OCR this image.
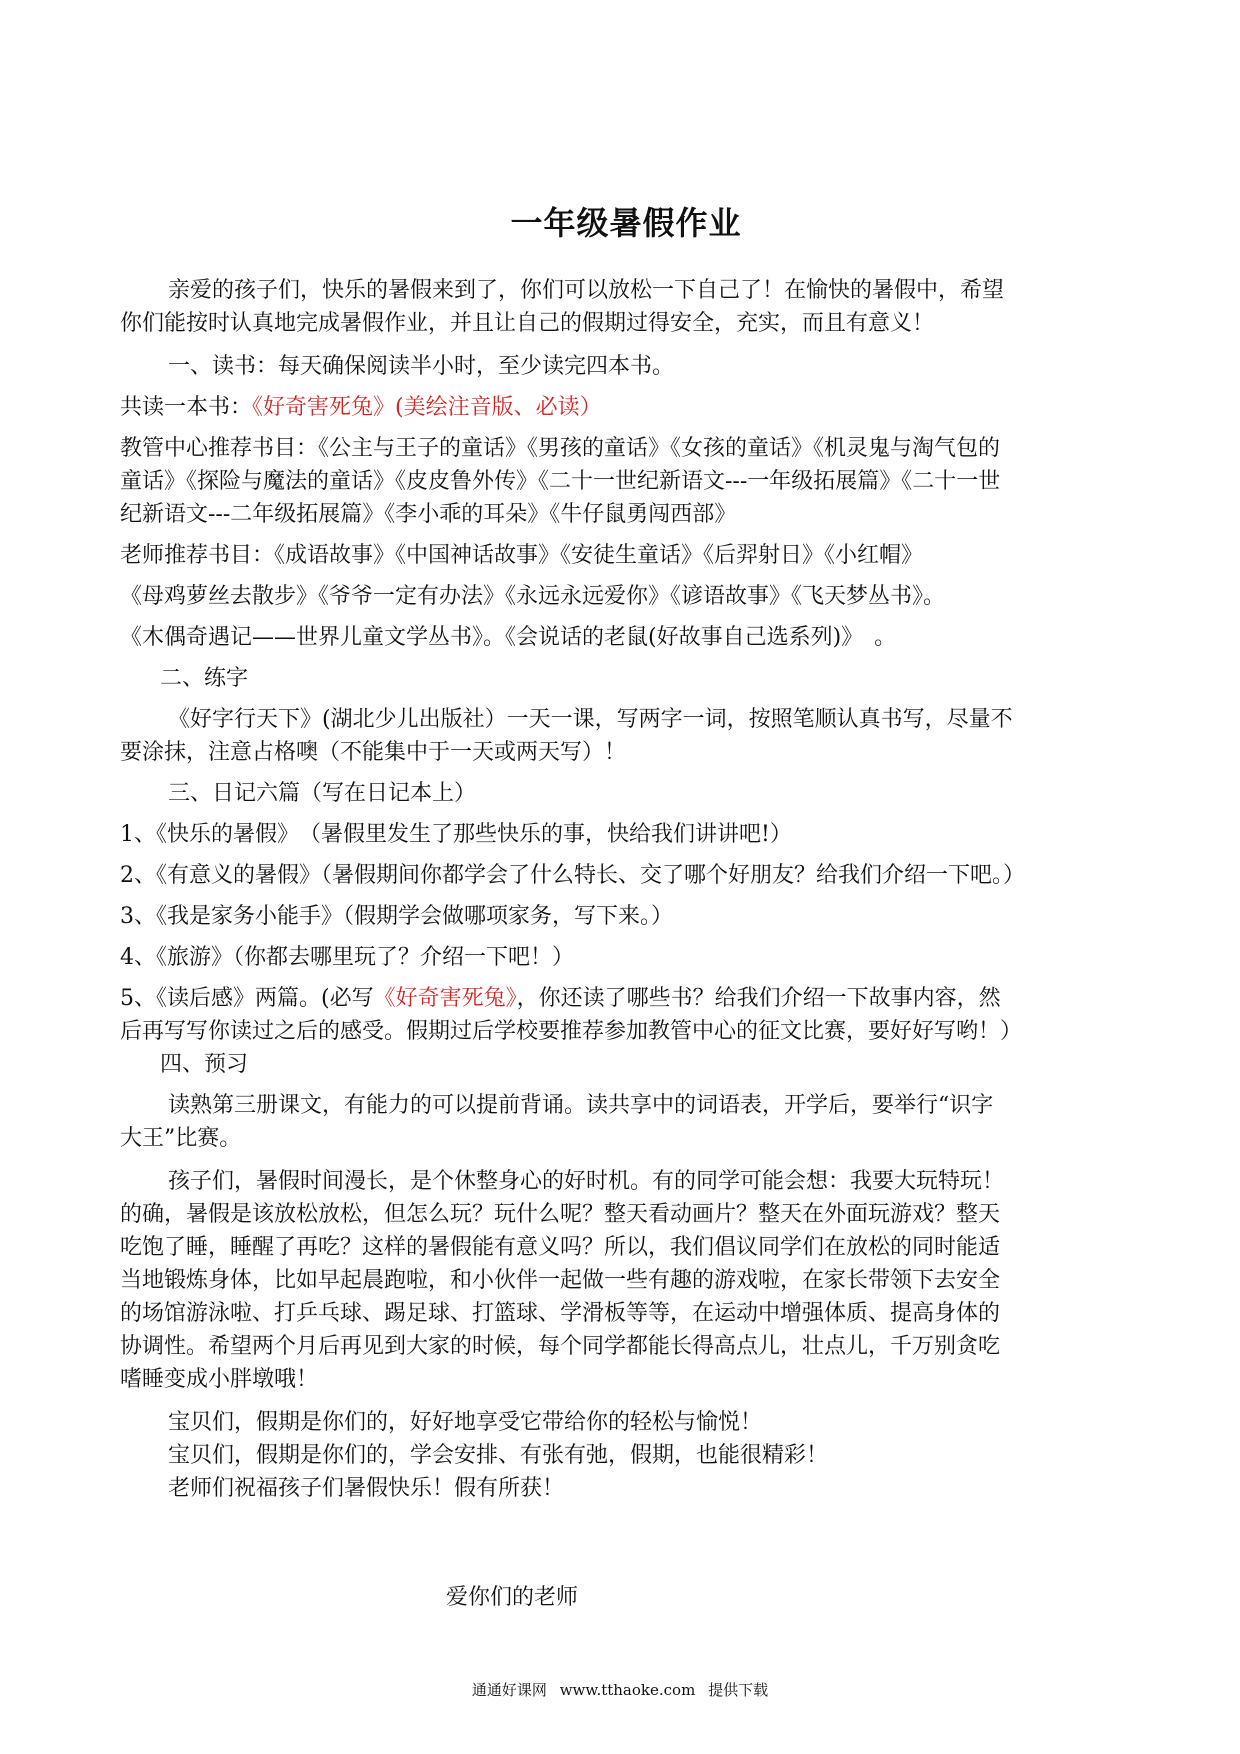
一年级暑假作业

亲爱的孩子们，快乐的暑假来到了，你们可以放松一下自己了！在愉快的暑假中，希望

你们能按时认真地完成暑假作业，并且让自己的假期过得安全，充实，而且有意义！

一、读书：每天确保阅读半小时，至少读完四本书。

共读一本书：《好奇害死兔》(美绘注音版、必读）

教管中心推荐书目：《公主与王子的童话》《男孩的童话》《女孩的童话》《机灵鬼与淘气包的

童话》《探险与魔法的童话》《皮皮鲁外传》《二十一世纪新语文---一年级拓展篇》《二十一世

纪新语文---二年级拓展篇》《李小乖的耳朵》《牛仔鼠勇闯西部》

老师推荐书目：《成语故事》《中国神话故事》《安徒生童话》《后羿射日》《小红帽》

《母鸡萝丝去散步》《爷爷一定有办法》《永远永远爱你》《谚语故事》《飞天梦丛书》。

《木偶奇遇记——世界儿童文学丛书》。《会说话的老鼠(好故事自己选系列)》　。

二、练字

《好字行天下》(湖北少儿出版社）一天一课，写两字一词，按照笔顺认真书写，尽量不

要涂抹，注意占格噢（不能集中于一天或两天写）！

三、日记六篇（写在日记本上）

1、《快乐的暑假》　（暑假里发生了那些快乐的事，快给我们讲讲吧!）

2、《有意义的暑假》（暑假期间你都学会了什么特长、交了哪个好朋友？给我们介绍一下吧。）

3、《我是家务小能手》（假期学会做哪项家务，写下来。）

4、《旅游》（你都去哪里玩了？介绍一下吧！）

5、《读后感》两篇。(必写《好奇害死兔》，你还读了哪些书？给我们介绍一下故事内容，然

后再写写你读过之后的感受。假期过后学校要推荐参加教管中心的征文比赛，要好好写哟！）

四、预习

读熟第三册课文，有能力的可以提前背诵。读共享中的词语表，开学后，要举行“识字

大王”比赛。

孩子们，暑假时间漫长，是个休整身心的好时机。有的同学可能会想：我要大玩特玩！

的确，暑假是该放松放松，但怎么玩？玩什么呢？整天看动画片？整天在外面玩游戏？整天

吃饱了睡，睡醒了再吃？这样的暑假能有意义吗？所以，我们倡议同学们在放松的同时能适

当地锻炼身体，比如早起晨跑啦，和小伙伴一起做一些有趣的游戏啦，在家长带领下去安全

的场馆游泳啦、打乒乓球、踢足球、打篮球、学滑板等等，在运动中增强体质、提高身体的

协调性。希望两个月后再见到大家的时候，每个同学都能长得高点儿，壮点儿，千万别贪吃

嗜睡变成小胖墩哦！

宝贝们，假期是你们的，好好地享受它带给你的轻松与愉悦！

宝贝们，假期是你们的，学会安排、有张有弛，假期，也能很精彩！

老师们祝福孩子们暑假快乐！假有所获！

爱你们的老师
通通好课网 www.tthaoke.com 提供下载
